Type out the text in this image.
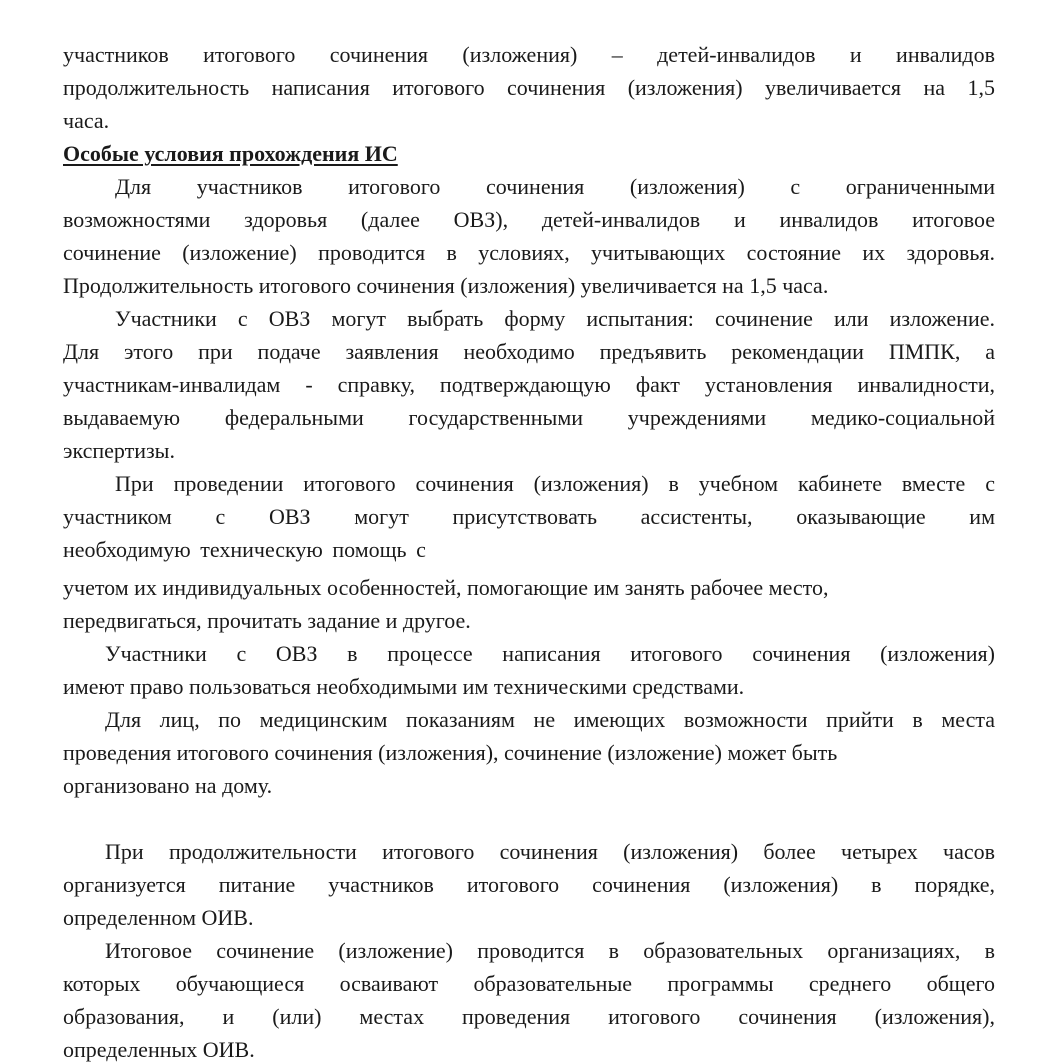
участников итогового сочинения (изложения) – детей-инвалидов и инвалидов
продолжительность написания итогового сочинения (изложения) увеличивается на 1,5
часа.
Особые условия прохождения ИС
Для участников итогового сочинения (изложения) с ограниченными
возможностями здоровья (далее ОВЗ), детей-инвалидов и инвалидов итоговое
сочинение (изложение) проводится в условиях, учитывающих состояние их здоровья.
Продолжительность итогового сочинения (изложения) увеличивается на 1,5 часа.
Участники с ОВЗ могут выбрать форму испытания: сочинение или изложение.
Для этого при подаче заявления необходимо предъявить рекомендации ПМПК, а
участникам-инвалидам - справку, подтверждающую факт установления инвалидности,
выдаваемую федеральными государственными учреждениями медико-социальной
экспертизы.
При проведении итогового сочинения (изложения) в учебном кабинете вместе с
участником с ОВЗ могут присутствовать ассистенты, оказывающие им
необходимую техническую помощь с
учетом их индивидуальных особенностей, помогающие им занять рабочее место,
передвигаться, прочитать задание и другое.
Участники с ОВЗ в процессе написания итогового сочинения (изложения)
имеют право пользоваться необходимыми им техническими средствами.
Для лиц, по медицинским показаниям не имеющих возможности прийти в места
проведения итогового сочинения (изложения), сочинение (изложение) может быть
организовано на дому.
При продолжительности итогового сочинения (изложения) более четырех часов
организуется питание участников итогового сочинения (изложения) в порядке,
определенном ОИВ.
Итоговое сочинение (изложение) проводится в образовательных организациях, в
которых обучающиеся осваивают образовательные программы среднего общего
образования, и (или) местах проведения итогового сочинения (изложения),
определенных ОИВ.
